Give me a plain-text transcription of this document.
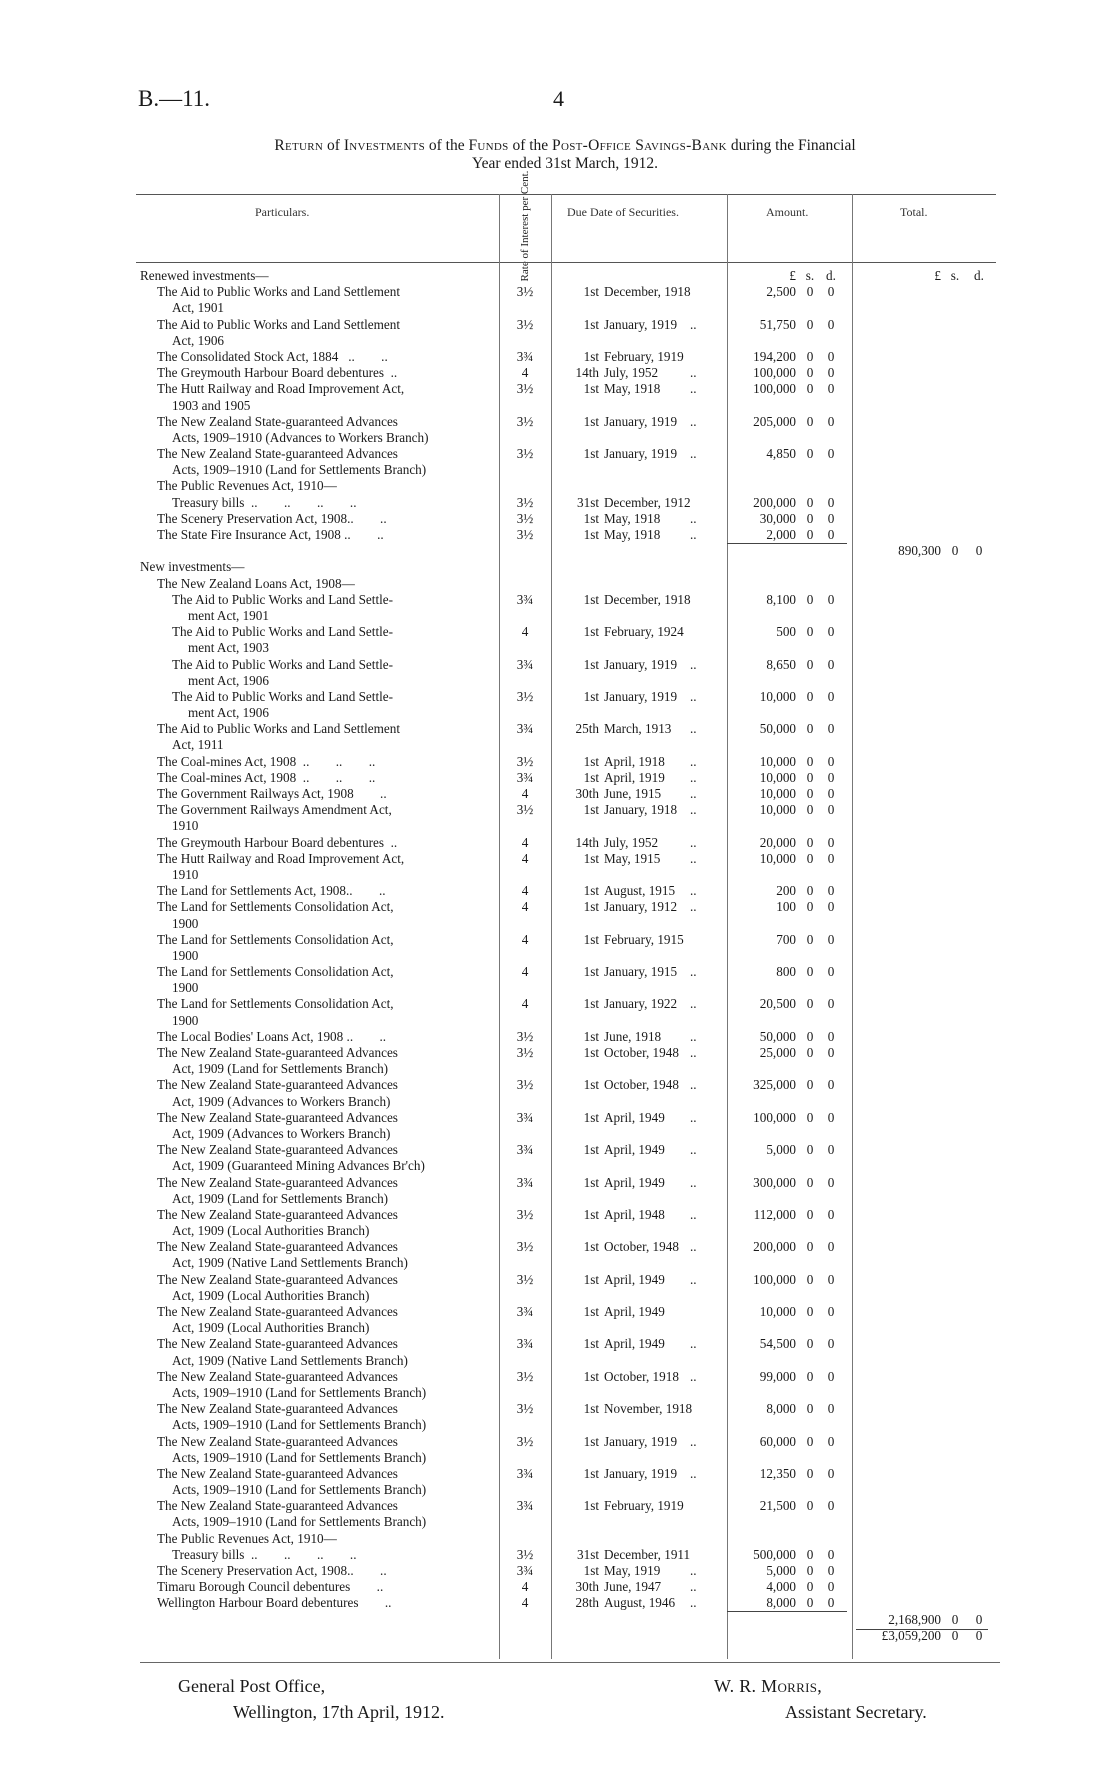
B.—11.	4
Return of Investments of the Funds of the Post-Office Savings-Bank during the Financial
Year ended 31st March, 1912.
Particulars.	Rate of Interest per Cent.	Due Date of Securities.	Amount.	Total.
Renewed investments—	£ s. d.	£ s. d.
The Aid to Public Works and Land Settlement	3½	1st December, 1918	2,500 0 0
Act, 1901
The Aid to Public Works and Land Settlement	3½	1st January, 1919 ..	51,750 0 0
Act, 1906
The Consolidated Stock Act, 1884   ..        ..	3¾	1st February, 1919	194,200 0 0
The Greymouth Harbour Board debentures  ..	4	14th July, 1952 ..	100,000 0 0
The Hutt Railway and Road Improvement Act,	3½	1st May, 1918 ..	100,000 0 0
1903 and 1905
The New Zealand State-guaranteed Advances	3½	1st January, 1919 ..	205,000 0 0
Acts, 1909–1910 (Advances to Workers Branch)
The New Zealand State-guaranteed Advances	3½	1st January, 1919 ..	4,850 0 0
Acts, 1909–1910 (Land for Settlements Branch)
The Public Revenues Act, 1910—
Treasury bills  ..        ..        ..        ..	3½	31st December, 1912	200,000 0 0
The Scenery Preservation Act, 1908..        ..	3½	1st May, 1918 ..	30,000 0 0
The State Fire Insurance Act, 1908 ..        ..	3½	1st May, 1918 ..	2,000 0 0
890,300 0 0
New investments—
The New Zealand Loans Act, 1908—
The Aid to Public Works and Land Settle-	3¾	1st December, 1918	8,100 0 0
ment Act, 1901
The Aid to Public Works and Land Settle-	4	1st February, 1924	500 0 0
ment Act, 1903
The Aid to Public Works and Land Settle-	3¾	1st January, 1919 ..	8,650 0 0
ment Act, 1906
The Aid to Public Works and Land Settle-	3½	1st January, 1919 ..	10,000 0 0
ment Act, 1906
The Aid to Public Works and Land Settlement	3¾	25th March, 1913 ..	50,000 0 0
Act, 1911
The Coal-mines Act, 1908  ..        ..        ..	3½	1st April, 1918 ..	10,000 0 0
The Coal-mines Act, 1908  ..        ..        ..	3¾	1st April, 1919 ..	10,000 0 0
The Government Railways Act, 1908        ..	4	30th June, 1915 ..	10,000 0 0
The Government Railways Amendment Act,	3½	1st January, 1918 ..	10,000 0 0
1910
The Greymouth Harbour Board debentures  ..	4	14th July, 1952 ..	20,000 0 0
The Hutt Railway and Road Improvement Act,	4	1st May, 1915 ..	10,000 0 0
1910
The Land for Settlements Act, 1908..        ..	4	1st August, 1915 ..	200 0 0
The Land for Settlements Consolidation Act,	4	1st January, 1912 ..	100 0 0
1900
The Land for Settlements Consolidation Act,	4	1st February, 1915	700 0 0
1900
The Land for Settlements Consolidation Act,	4	1st January, 1915 ..	800 0 0
1900
The Land for Settlements Consolidation Act,	4	1st January, 1922 ..	20,500 0 0
1900
The Local Bodies' Loans Act, 1908 ..        ..	3½	1st June, 1918 ..	50,000 0 0
The New Zealand State-guaranteed Advances	3½	1st October, 1948 ..	25,000 0 0
Act, 1909 (Land for Settlements Branch)
The New Zealand State-guaranteed Advances	3½	1st October, 1948 ..	325,000 0 0
Act, 1909 (Advances to Workers Branch)
The New Zealand State-guaranteed Advances	3¾	1st April, 1949 ..	100,000 0 0
Act, 1909 (Advances to Workers Branch)
The New Zealand State-guaranteed Advances	3¾	1st April, 1949 ..	5,000 0 0
Act, 1909 (Guaranteed Mining Advances Br'ch)
The New Zealand State-guaranteed Advances	3¾	1st April, 1949 ..	300,000 0 0
Act, 1909 (Land for Settlements Branch)
The New Zealand State-guaranteed Advances	3½	1st April, 1948 ..	112,000 0 0
Act, 1909 (Local Authorities Branch)
The New Zealand State-guaranteed Advances	3½	1st October, 1948 ..	200,000 0 0
Act, 1909 (Native Land Settlements Branch)
The New Zealand State-guaranteed Advances	3½	1st April, 1949 ..	100,000 0 0
Act, 1909 (Local Authorities Branch)
The New Zealand State-guaranteed Advances	3¾	1st April, 1949	10,000 0 0
Act, 1909 (Local Authorities Branch)
The New Zealand State-guaranteed Advances	3¾	1st April, 1949 ..	54,500 0 0
Act, 1909 (Native Land Settlements Branch)
The New Zealand State-guaranteed Advances	3½	1st October, 1918 ..	99,000 0 0
Acts, 1909–1910 (Land for Settlements Branch)
The New Zealand State-guaranteed Advances	3½	1st November, 1918	8,000 0 0
Acts, 1909–1910 (Land for Settlements Branch)
The New Zealand State-guaranteed Advances	3½	1st January, 1919 ..	60,000 0 0
Acts, 1909–1910 (Land for Settlements Branch)
The New Zealand State-guaranteed Advances	3¾	1st January, 1919 ..	12,350 0 0
Acts, 1909–1910 (Land for Settlements Branch)
The New Zealand State-guaranteed Advances	3¾	1st February, 1919	21,500 0 0
Acts, 1909–1910 (Land for Settlements Branch)
The Public Revenues Act, 1910—
Treasury bills  ..        ..        ..        ..	3½	31st December, 1911	500,000 0 0
The Scenery Preservation Act, 1908..        ..	3¾	1st May, 1919 ..	5,000 0 0
Timaru Borough Council debentures        ..	4	30th June, 1947 ..	4,000 0 0
Wellington Harbour Board debentures        ..	4	28th August, 1946 ..	8,000 0 0
2,168,900 0 0
£3,059,200 0 0
General Post Office,
Wellington, 17th April, 1912.
W. R. Morris,
Assistant Secretary.
